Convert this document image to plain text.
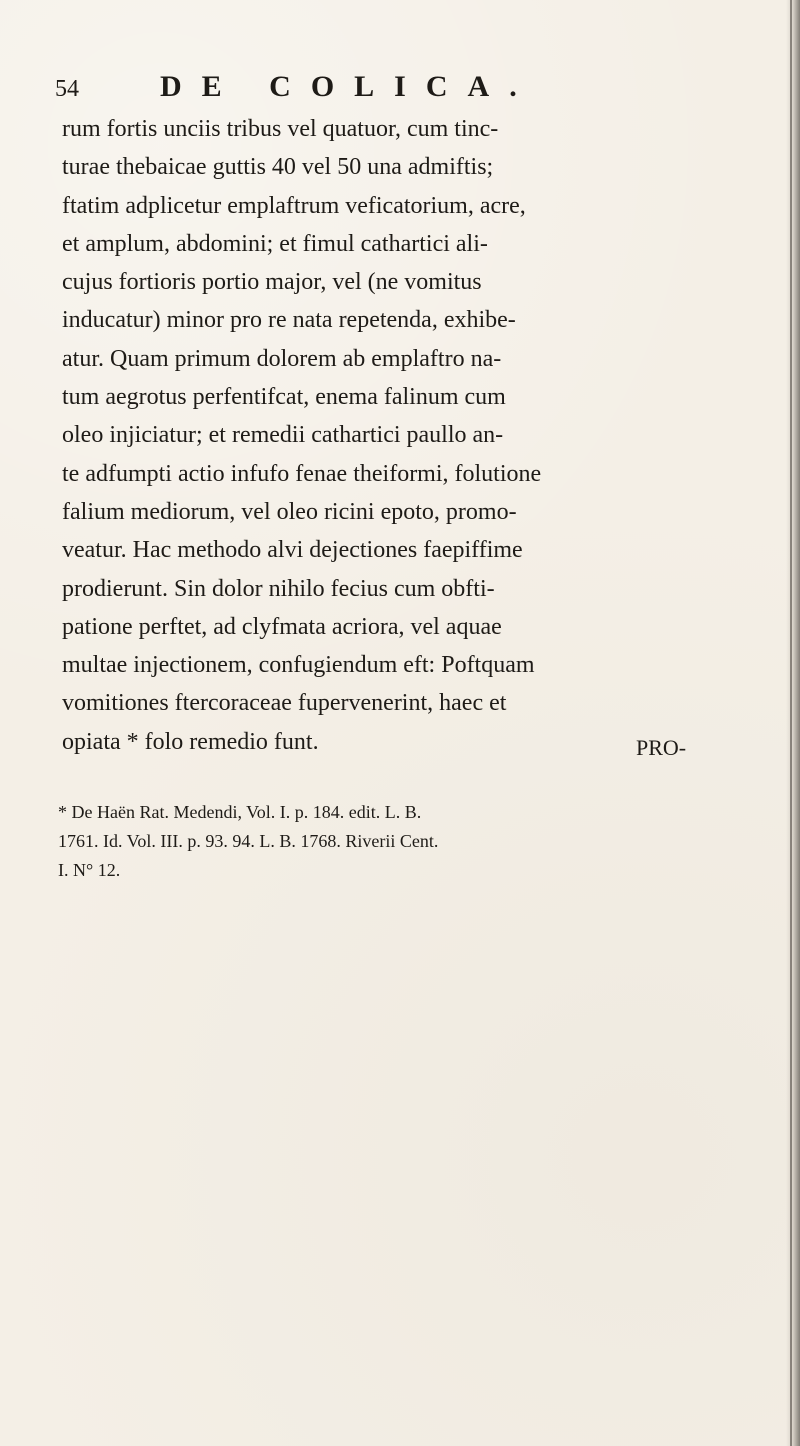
54	DE COLICA.
rum fortis unciis tribus vel quatuor, cum tinc-
turae thebaicae guttis 40 vel 50 una admiftis;
ftatim adplicetur emplaftrum veficatorium, acre,
et amplum, abdomini; et fimul cathartici ali-
cujus fortioris portio major, vel (ne vomitus
inducatur) minor pro re nata repetenda, exhibe-
atur. Quam primum dolorem ab emplaftro na-
tum aegrotus perfentifcat, enema falinum cum
oleo injiciatur; et remedii cathartici paullo an-
te adfumpti actio infufo fenae theiformi, folutione
falium mediorum, vel oleo ricini epoto, promo-
veatur. Hac methodo alvi dejectiones faepiffime
prodierunt. Sin dolor nihilo fecius cum obfti-
patione perftet, ad clyfmata acriora, vel aquae
multae injectionem, confugiendum eft: Poftquam
vomitiones ftercoraceae fupervenerint, haec et
opiata * folo remedio funt.	PRO-
* De Haën Rat. Medendi, Vol. I. p. 184. edit. L. B.
1761. Id. Vol. III. p. 93. 94. L. B. 1768. Riverii Cent.
I. N° 12.
